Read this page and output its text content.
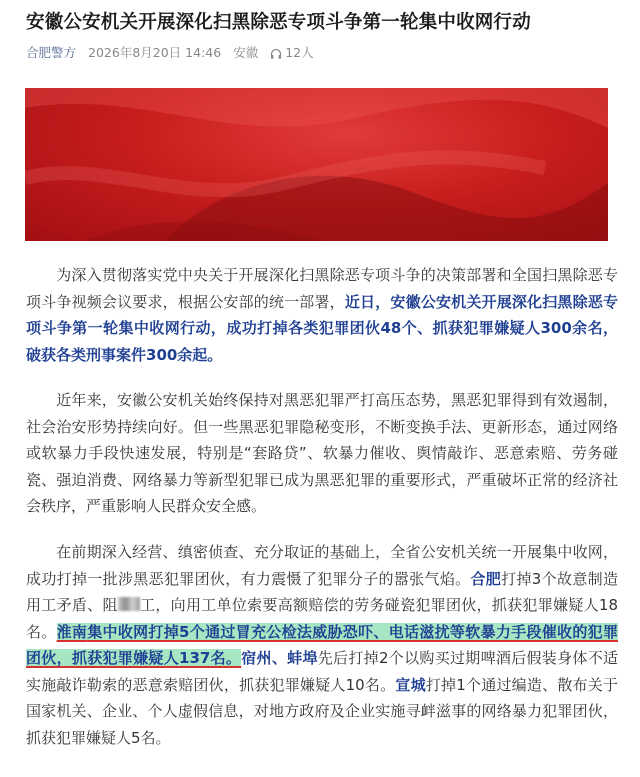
安徽公安机关开展深化扫黑除恶专项斗争第一轮集中收网行动
合肥警方 2026年8月20日 14:46 安徽	12人

  为深入贯彻落实党中央关于开展深化扫黑除恶专项斗争的决策部署和全国扫黑除恶专项斗争视频会议要求，根据公安部的统一部署，近日，安徽公安机关开展深化扫黑除恶专项斗争第一轮集中收网行动，成功打掉各类犯罪团伙48个、抓获犯罪嫌疑人300余名，破获各类刑事案件300余起。

  近年来，安徽公安机关始终保持对黑恶犯罪严打高压态势，黑恶犯罪得到有效遏制，社会治安形势持续向好。但一些黑恶犯罪隐秘变形，不断变换手法、更新形态，通过网络或软暴力手段快速发展，特别是“套路贷”、软暴力催收、舆情敲诈、恶意索赔、劳务碰瓷、强迫消费、网络暴力等新型犯罪已成为黑恶犯罪的重要形式，严重破坏正常的经济社会秩序，严重影响人民群众安全感。

  在前期深入经营、缜密侦查、充分取证的基础上，全省公安机关统一开展集中收网，成功打掉一批涉黑恶犯罪团伙，有力震慑了犯罪分子的嚣张气焰。合肥打掉3个故意制造用工矛盾、阻 工，向用工单位索要高额赔偿的劳务碰瓷犯罪团伙，抓获犯罪嫌疑人18名。淮南集中收网打掉5个通过冒充公检法威胁恐吓、电话滋扰等软暴力手段催收的犯罪团伙，抓获犯罪嫌疑人137名。宿州、蚌埠先后打掉2个以购买过期啤酒后假装身体不适实施敲诈勒索的恶意索赔团伙，抓获犯罪嫌疑人10名。宣城打掉1个通过编造、散布关于国家机关、企业、个人虚假信息，对地方政府及企业实施寻衅滋事的网络暴力犯罪团伙，抓获犯罪嫌疑人5名。
